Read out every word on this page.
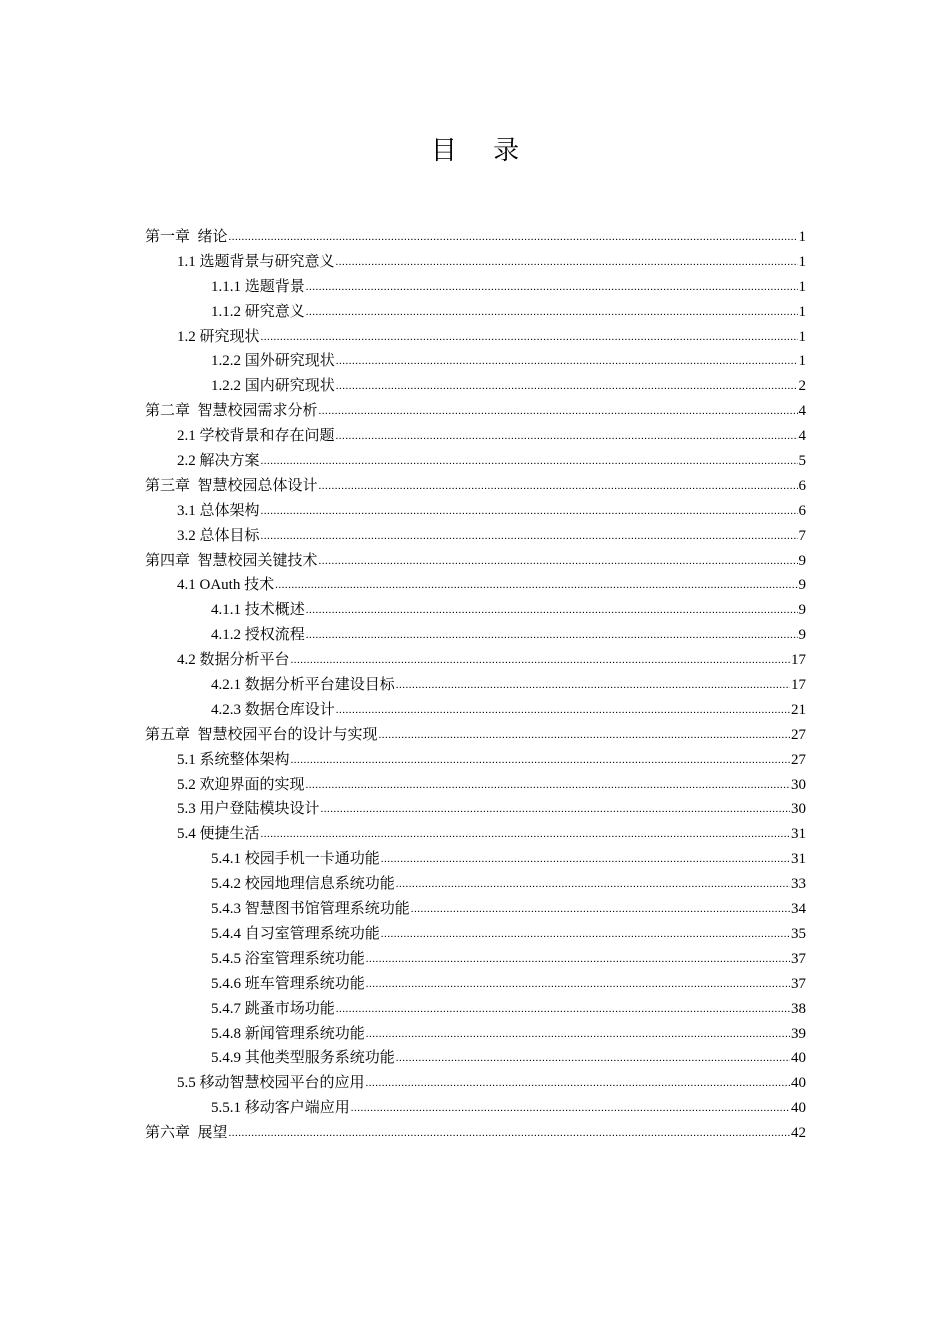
目 录
第一章  绪论 .....	1
1.1 选题背景与研究意义 .....	1
1.1.1 选题背景 .....	1
1.1.2 研究意义 .....	1
1.2 研究现状 .....	1
1.2.2 国外研究现状 .....	1
1.2.2 国内研究现状 .....	2
第二章  智慧校园需求分析 .....	4
2.1 学校背景和存在问题 .....	4
2.2 解决方案 .....	5
第三章  智慧校园总体设计 .....	6
3.1 总体架构 .....	6
3.2 总体目标 .....	7
第四章  智慧校园关键技术 .....	9
4.1 OAuth 技术 .....	9
4.1.1 技术概述 .....	9
4.1.2 授权流程 .....	9
4.2 数据分析平台 .....	17
4.2.1 数据分析平台建设目标 .....	17
4.2.3 数据仓库设计 .....	21
第五章  智慧校园平台的设计与实现 .....	27
5.1 系统整体架构 .....	27
5.2 欢迎界面的实现 .....	30
5.3 用户登陆模块设计 .....	30
5.4 便捷生活 .....	31
5.4.1 校园手机一卡通功能 .....	31
5.4.2 校园地理信息系统功能 .....	33
5.4.3 智慧图书馆管理系统功能 .....	34
5.4.4 自习室管理系统功能 .....	35
5.4.5 浴室管理系统功能 .....	37
5.4.6 班车管理系统功能 .....	37
5.4.7 跳蚤市场功能 .....	38
5.4.8 新闻管理系统功能 .....	39
5.4.9 其他类型服务系统功能 .....	40
5.5 移动智慧校园平台的应用 .....	40
5.5.1 移动客户端应用 .....	40
第六章  展望 .....	42
